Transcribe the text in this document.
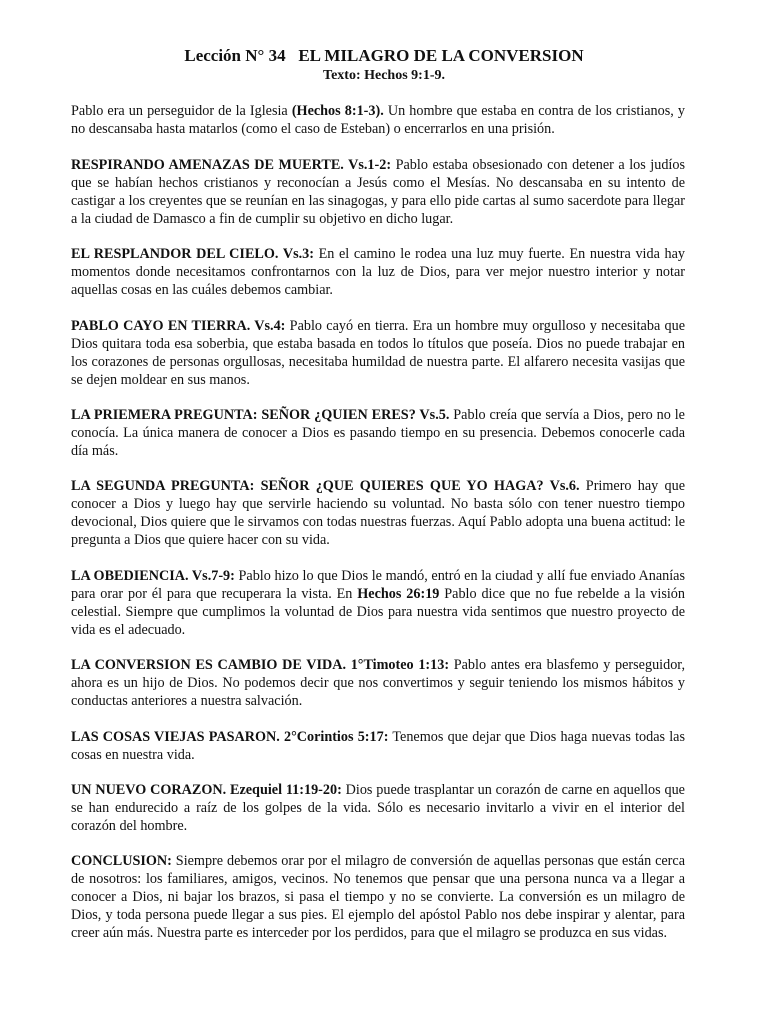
Lección N° 34   EL MILAGRO DE LA CONVERSION
Texto: Hechos 9:1-9.

Pablo era un perseguidor de la Iglesia (Hechos 8:1-3). Un hombre que estaba en contra de los cristianos, y no descansaba hasta matarlos (como el caso de Esteban) o encerrarlos en una prisión.

RESPIRANDO AMENAZAS DE MUERTE. Vs.1-2: Pablo estaba obsesionado con detener a los judíos que se habían hechos cristianos y reconocían a Jesús como el Mesías. No descansaba en su intento de castigar a los creyentes que se reunían en las sinagogas, y para ello pide cartas al sumo sacerdote para llegar a la ciudad de Damasco a fin de cumplir su objetivo en dicho lugar.

EL RESPLANDOR DEL CIELO. Vs.3: En el camino le rodea una luz muy fuerte. En nuestra vida hay momentos donde necesitamos confrontarnos con la luz de Dios, para ver mejor nuestro interior y notar aquellas cosas en las cuáles debemos cambiar.

PABLO CAYO EN TIERRA. Vs.4: Pablo cayó en tierra. Era un hombre muy orgulloso y necesitaba que Dios quitara toda esa soberbia, que estaba basada en todos lo títulos que poseía. Dios no puede trabajar en los corazones de personas orgullosas, necesitaba humildad de nuestra parte. El alfarero necesita vasijas que se dejen moldear en sus manos.

LA PRIEMERA PREGUNTA: SEÑOR ¿QUIEN ERES? Vs.5. Pablo creía que servía a Dios, pero no le conocía. La única manera de conocer a Dios es pasando tiempo en su presencia. Debemos conocerle cada día más.

LA SEGUNDA PREGUNTA: SEÑOR ¿QUE QUIERES QUE YO HAGA? Vs.6. Primero hay que conocer a Dios y luego hay que servirle haciendo su voluntad. No basta sólo con tener nuestro tiempo devocional, Dios quiere que le sirvamos con todas nuestras fuerzas. Aquí Pablo adopta una buena actitud: le pregunta a Dios que quiere hacer con su vida.

LA OBEDIENCIA. Vs.7-9: Pablo hizo lo que Dios le mandó, entró en la ciudad y allí fue enviado Ananías para orar por él para que recuperara la vista. En Hechos 26:19 Pablo dice que no fue rebelde a la visión celestial. Siempre que cumplimos la voluntad de Dios para nuestra vida sentimos que nuestro proyecto de vida es el adecuado.

LA CONVERSION ES CAMBIO DE VIDA. 1°Timoteo 1:13: Pablo antes era blasfemo y perseguidor, ahora es un hijo de Dios. No podemos decir que nos convertimos y seguir teniendo los mismos hábitos y conductas anteriores a nuestra salvación.

LAS COSAS VIEJAS PASARON. 2°Corintios 5:17: Tenemos que dejar que Dios haga nuevas todas las cosas en nuestra vida.

UN NUEVO CORAZON. Ezequiel 11:19-20: Dios puede trasplantar un corazón de carne en aquellos que se han endurecido a raíz de los golpes de la vida. Sólo es necesario invitarlo a vivir en el interior del corazón del hombre.

CONCLUSION: Siempre debemos orar por el milagro de conversión de aquellas personas que están cerca de nosotros: los familiares, amigos, vecinos. No tenemos que pensar que una persona nunca va a llegar a conocer a Dios, ni bajar los brazos, si pasa el tiempo y no se convierte. La conversión es un milagro de Dios, y toda persona puede llegar a sus pies. El ejemplo del apóstol Pablo nos debe inspirar y alentar, para creer aún más. Nuestra parte es interceder por los perdidos, para que el milagro se produzca en sus vidas.
